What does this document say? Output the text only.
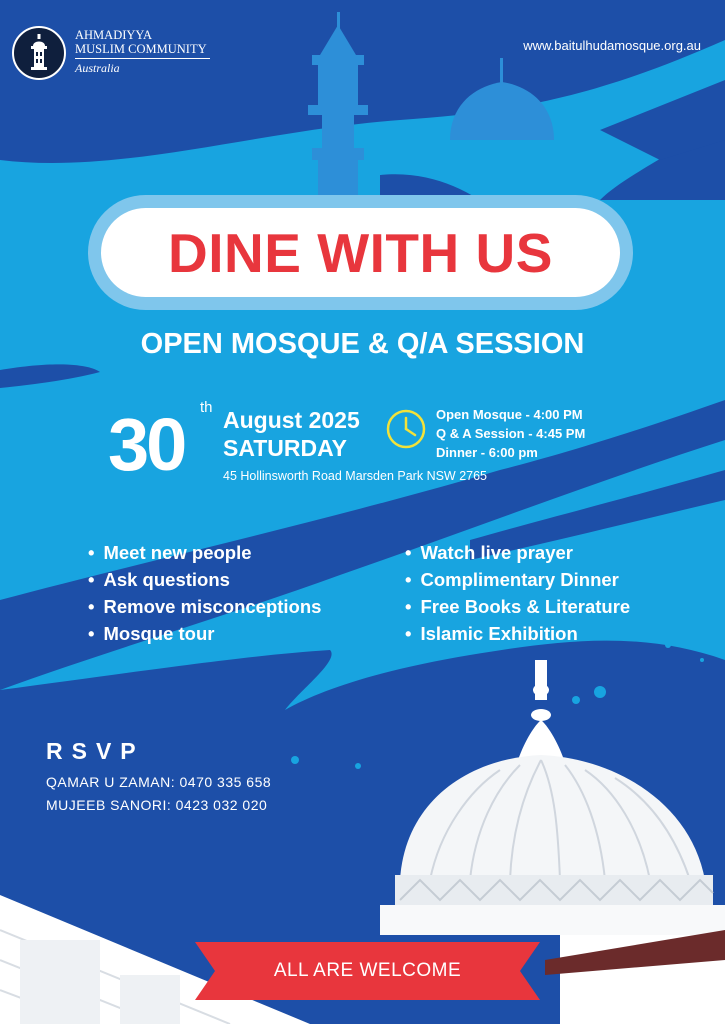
AHMADIYYA
MUSLIM COMMUNITY
Australia
www.baitulhudamosque.org.au
DINE WITH US
OPEN MOSQUE & Q/A SESSION
30 th August 2025
SATURDAY
45 Hollinsworth Road Marsden Park NSW 2765
Open Mosque - 4:00 PM
Q & A Session - 4:45 PM
Dinner - 6:00 pm
• Meet new people
• Ask questions
• Remove misconceptions
• Mosque tour
• Watch live prayer
• Complimentary Dinner
• Free Books & Literature
• Islamic Exhibition
RSVP
QAMAR U ZAMAN: 0470 335 658
MUJEEB SANORI: 0423 032 020
ALL ARE WELCOME
